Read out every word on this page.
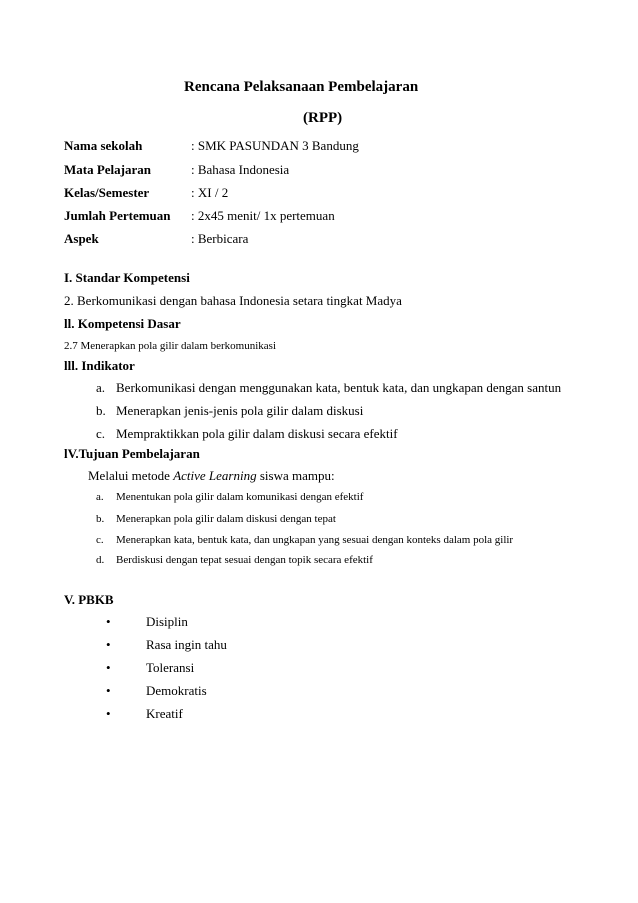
Rencana Pelaksanaan Pembelajaran
(RPP)
Nama sekolah	: SMK PASUNDAN 3 Bandung
Mata Pelajaran	: Bahasa Indonesia
Kelas/Semester	: XI / 2
Jumlah Pertemuan : 2x45 menit/ 1x pertemuan
Aspek	: Berbicara
I. Standar Kompetensi
2. Berkomunikasi dengan bahasa Indonesia setara tingkat Madya
ll. Kompetensi Dasar
2.7 Menerapkan pola gilir dalam berkomunikasi
lll. Indikator
a. Berkomunikasi dengan menggunakan kata, bentuk kata, dan ungkapan dengan santun
b. Menerapkan jenis-jenis pola gilir dalam diskusi
c. Mempraktikkan pola gilir dalam diskusi secara efektif
lV.Tujuan Pembelajaran
Melalui metode Active Learning siswa mampu:
a. Menentukan pola gilir dalam komunikasi dengan efektif
b. Menerapkan pola gilir dalam diskusi dengan tepat
c. Menerapkan kata, bentuk kata, dan ungkapan yang sesuai dengan konteks dalam pola gilir
d. Berdiskusi dengan tepat sesuai dengan topik secara efektif
V. PBKB
•	Disiplin
•	Rasa ingin tahu
•	Toleransi
•	Demokratis
•	Kreatif
